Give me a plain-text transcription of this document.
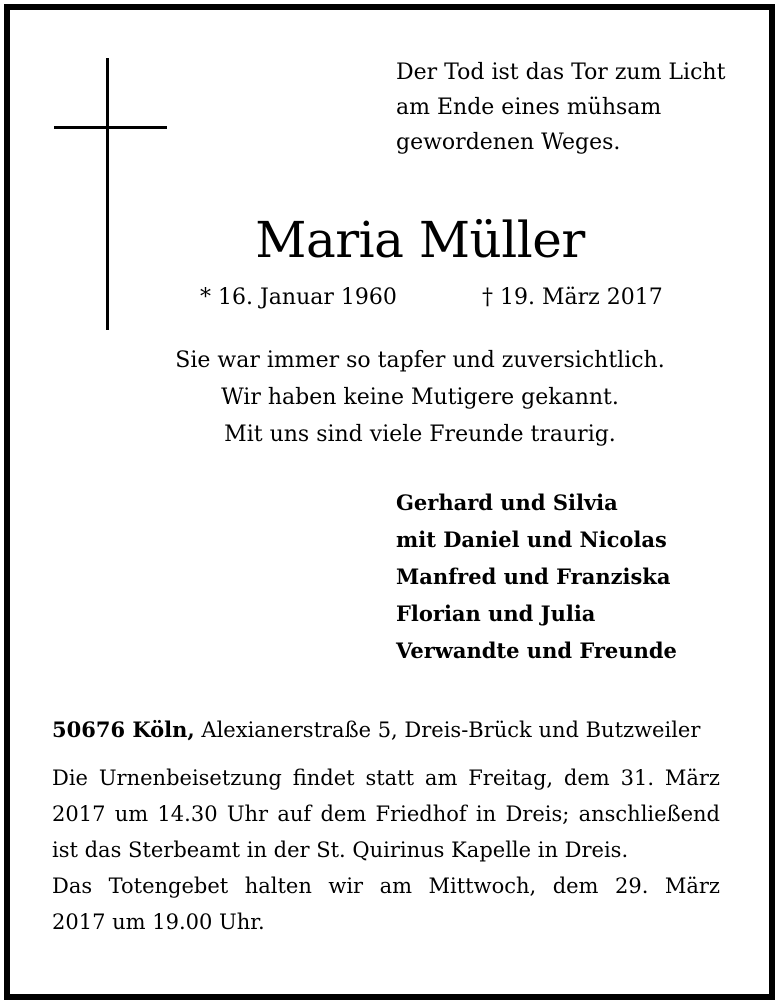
Der Tod ist das Tor zum Licht
am Ende eines mühsam
gewordenen Weges.
Maria Müller
* 16. Januar 1960	† 19. März 2017
Sie war immer so tapfer und zuversichtlich.
Wir haben keine Mutigere gekannt.
Mit uns sind viele Freunde traurig.
Gerhard und Silvia
mit Daniel und Nicolas
Manfred und Franziska
Florian und Julia
Verwandte und Freunde
50676 Köln, Alexianerstraße 5, Dreis-Brück und Butzweiler
Die Urnenbeisetzung findet statt am Freitag, dem 31. März
2017 um 14.30 Uhr auf dem Friedhof in Dreis; anschließend
ist das Sterbeamt in der St. Quirinus Kapelle in Dreis.
Das Totengebet halten wir am Mittwoch, dem 29. März
2017 um 19.00 Uhr.
